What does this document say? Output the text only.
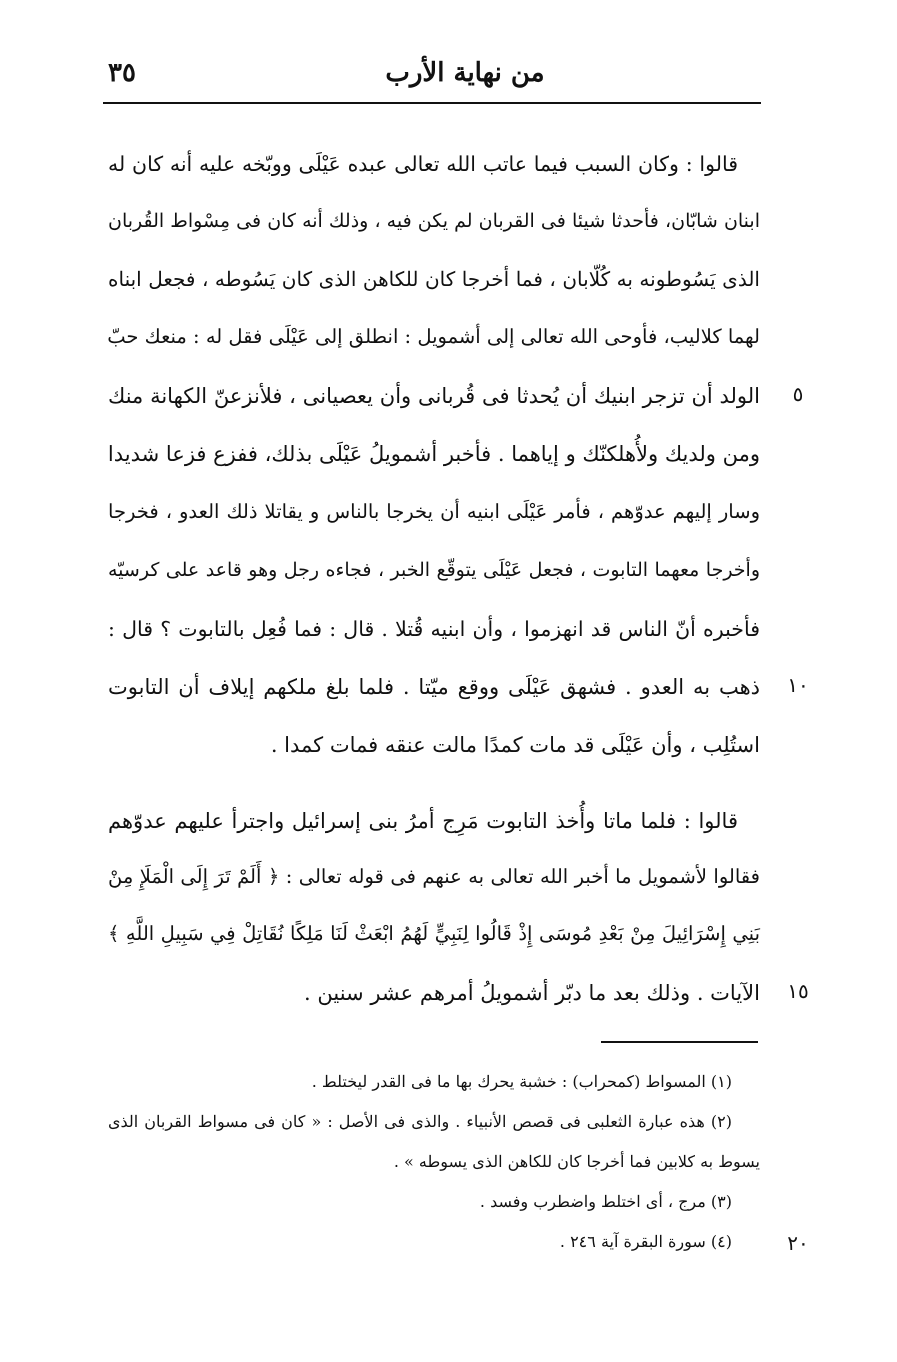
من نهاية الأرب
٣٥
قالوا : وكان السبب فيما عاتب الله تعالى عبده عَيْلَى ووبّخه عليه أنه كان له
ابنان شابّان، فأحدثا شيئا فى القربان لم يكن فيه ، وذلك أنه كان فى مِسْواط القُربان
الذى يَسُوطونه به كُلّابان ، فما أخرجا كان للكاهن الذى كان يَسُوطه ، فجعل ابناه
لهما كلاليب، فأوحى الله تعالى إلى أشمويل : انطلق إلى عَيْلَى فقل له : منعك حبّ
الولد أن تزجر ابنيك أن يُحدثا فى قُربانى وأن يعصيانى ، فلأنزعنّ الكهانة منك
ومن ولديك ولأُهلكنّك و إياهما . فأخبر أشمويلُ عَيْلَى بذلك، ففزع فزعا شديدا
وسار إليهم عدوّهم ، فأمر عَيْلَى ابنيه أن يخرجا بالناس و يقاتلا ذلك العدو ، فخرجا
وأخرجا معهما التابوت ، فجعل عَيْلَى يتوقّع الخبر ، فجاءه رجل وهو قاعد على كرسيّه
فأخبره أنّ الناس قد انهزموا ، وأن ابنيه قُتلا . قال : فما فُعِل بالتابوت ؟ قال :
ذهب به العدو . فشهق عَيْلَى ووقع ميّتا . فلما بلغ ملكهم إيلاف أن التابوت
استُلِب ، وأن عَيْلَى قد مات كمدًا مالت عنقه فمات كمدا .
قالوا : فلما ماتا وأُخذ التابوت مَرِج أمرُ بنى إسرائيل واجترأ عليهم عدوّهم
فقالوا لأشمويل ما أخبر الله تعالى به عنهم فى قوله تعالى : ﴿ أَلَمْ تَرَ إِلَى الْمَلَإِ مِنْ
بَنِي إِسْرَائِيلَ مِنْ بَعْدِ مُوسَى إِذْ قَالُوا لِنَبِيٍّ لَهُمُ ابْعَثْ لَنَا مَلِكًا نُقَاتِلْ فِي سَبِيلِ اللَّهِ ﴾
الآيات . وذلك بعد ما دبّر أشمويلُ أمرهم عشر سنين .
٥
١٠
١٥
٢٠
(١) المسواط (كمحراب) : خشبة يحرك بها ما فى القدر ليختلط .
(٢) هذه عبارة الثعلبى فى قصص الأنبياء . والذى فى الأصل : « كان فى مسواط القربان الذى
يسوط به كلابين فما أخرجا كان للكاهن الذى يسوطه » .
(٣) مرج ، أى اختلط واضطرب وفسد .
(٤) سورة البقرة آية ٢٤٦ .
